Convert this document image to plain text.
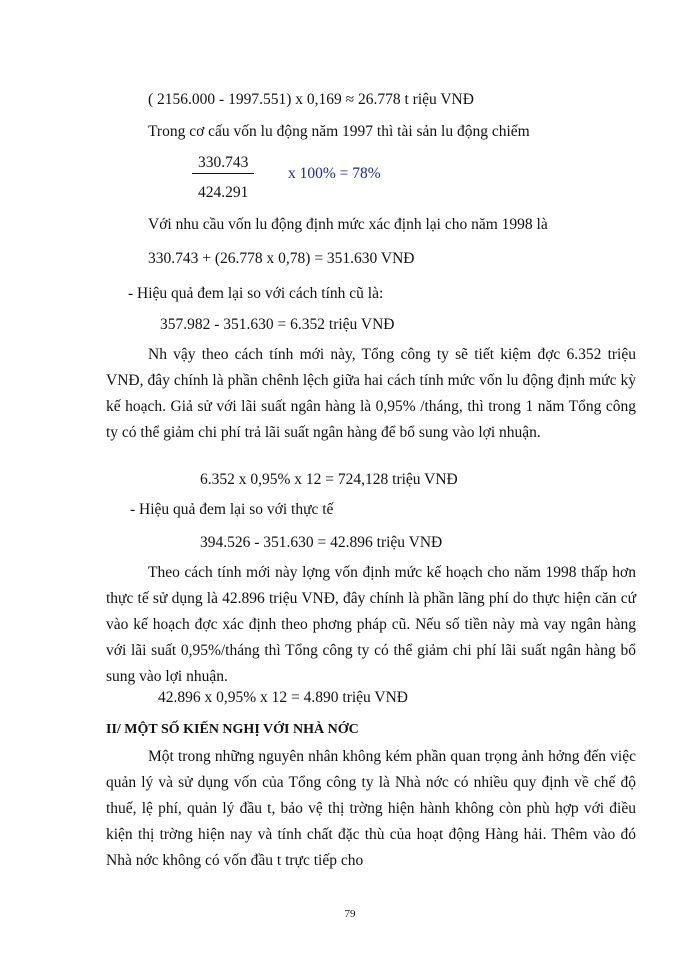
( 2156.000 - 1997.551) x 0,169 ≈ 26.778 t riệu VNĐ
Trong cơ cấu vốn lu động năm 1997 thì tài sản lu động chiếm
330.743
424.291
x 100% = 78%
Với nhu cầu vốn lu động định mức xác định lại cho năm 1998 là
330.743 + (26.778 x 0,78) = 351.630 VNĐ
- Hiệu quả đem lại so với cách tính cũ là:
357.982 - 351.630 = 6.352 triệu VNĐ
Nh vậy theo cách tính mới này, Tổng công ty sẽ tiết kiệm đợc 6.352 triệu VNĐ, đây chính là phần chênh lệch giữa hai cách tính mức vốn lu động định mức kỳ kế hoạch. Giả sử với lãi suất ngân hàng là 0,95% /tháng, thì trong 1 năm Tổng công ty có thể giảm chi phí trả lãi suất ngân hàng để bổ sung vào lợi nhuận.
6.352 x 0,95% x 12 = 724,128 triệu VNĐ
- Hiệu quả đem lại so với thực tế
394.526 - 351.630 = 42.896 triệu VNĐ
Theo cách tính mới này lợng vốn định mức kế hoạch cho năm 1998 thấp hơn thực tế sử dụng là 42.896 triệu VNĐ, đây chính là phần lãng phí do thực hiện căn cứ vào kế hoạch đợc xác định theo phơng pháp cũ. Nếu số tiền này mà vay ngân hàng với lãi suất 0,95%/tháng thì Tổng công ty có thể giảm chi phí lãi suất ngân hàng bổ sung vào lợi nhuận.
42.896 x 0,95% x 12 = 4.890 triệu VNĐ
II/ MỘT SỐ KIẾN NGHỊ VỚI NHÀ NỚC
Một trong những nguyên nhân không kém phần quan trọng ảnh hởng đến việc quản lý và sử dụng vốn của Tổng công ty là Nhà nớc có nhiều quy định về chế độ thuế, lệ phí, quản lý đầu t, bảo vệ thị trờng hiện hành không còn phù hợp với điều kiện thị trờng hiện nay và tính chất đặc thù của hoạt động Hàng hải. Thêm vào đó Nhà nớc không có vốn đầu t trực tiếp cho
79
